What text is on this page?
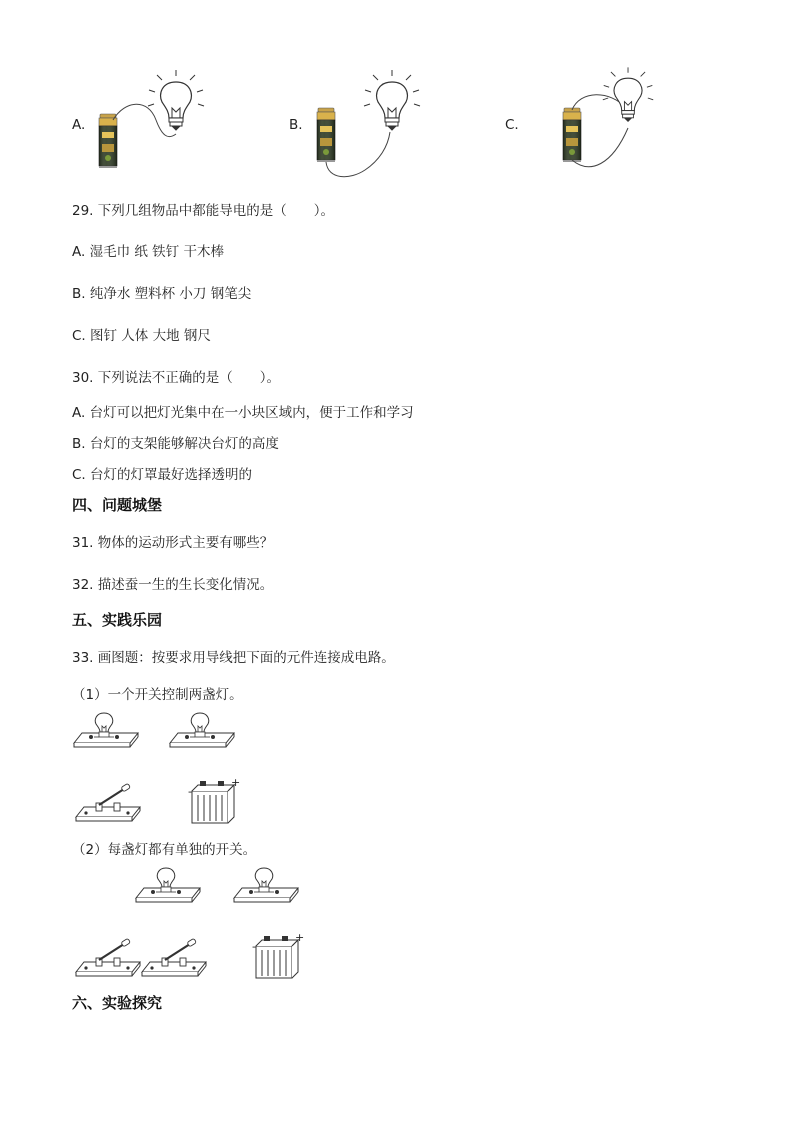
A.	B.	C.
29. 下列几组物品中都能导电的是（　　）。
A. 湿毛巾 纸 铁钉 干木棒
B. 纯净水 塑料杯 小刀 钢笔尖
C. 图钉 人体 大地 钢尺
30. 下列说法不正确的是（　　）。
A. 台灯可以把灯光集中在一小块区域内，便于工作和学习
B. 台灯的支架能够解决台灯的高度
C. 台灯的灯罩最好选择透明的
四、问题城堡
31. 物体的运动形式主要有哪些？
32. 描述蚕一生的生长变化情况。
五、实践乐园
33. 画图题：按要求用导线把下面的元件连接成电路。
（1）一个开关控制两盏灯。
-
+
（2）每盏灯都有单独的开关。
-
+
六、实验探究
